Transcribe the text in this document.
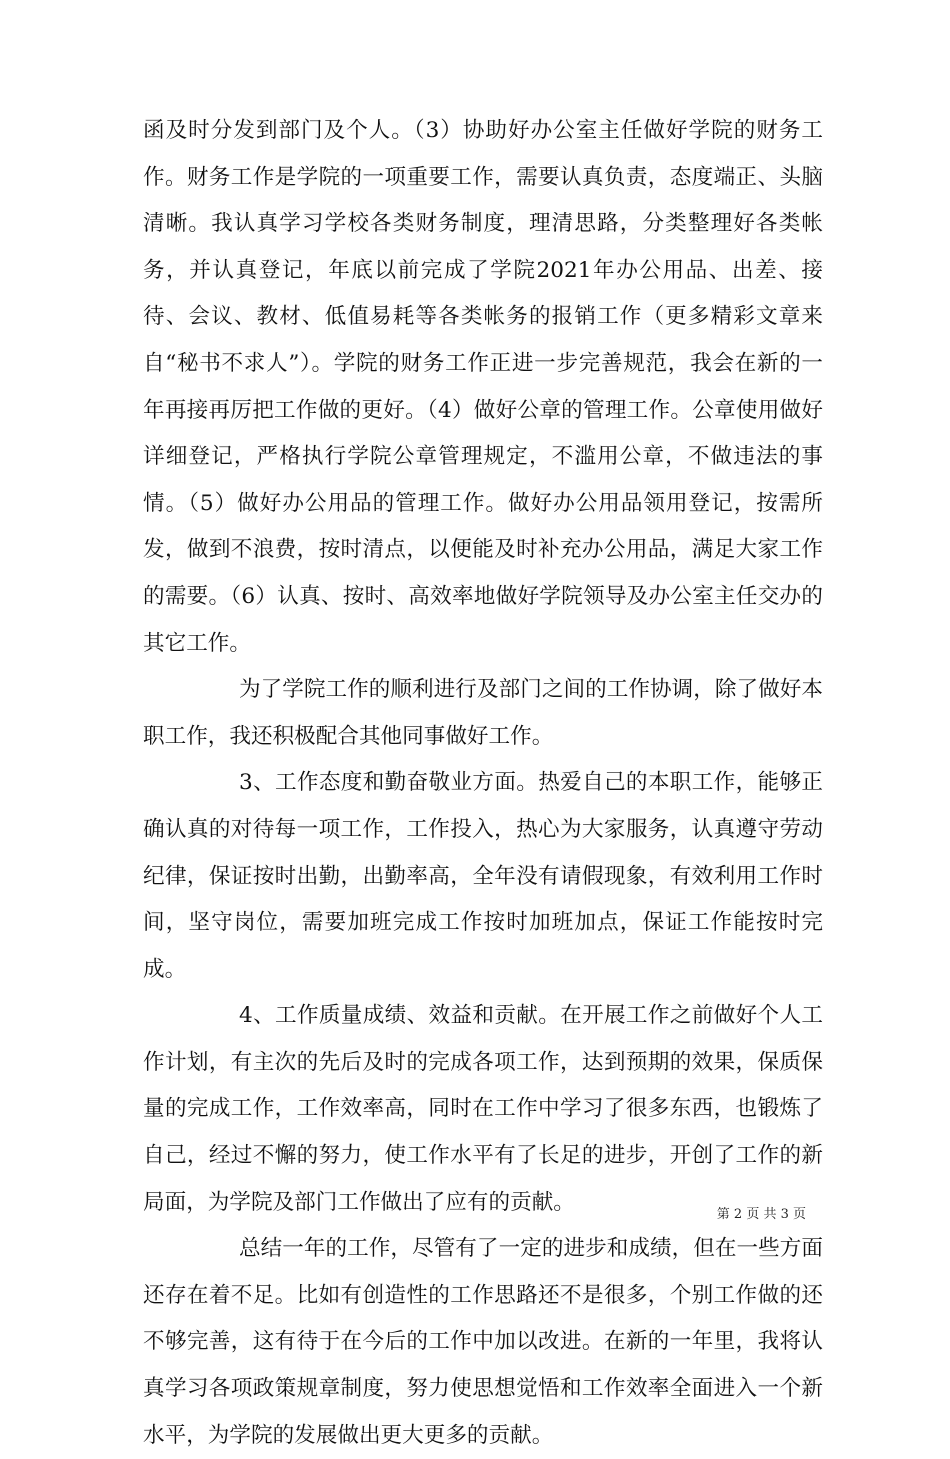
函及时分发到部门及个人。（3）协助好办公室主任做好学院的财务工作。财务工作是学院的一项重要工作，需要认真负责，态度端正、头脑清晰。我认真学习学校各类财务制度，理清思路，分类整理好各类帐务，并认真登记，年底以前完成了学院2021年办公用品、出差、接待、会议、教材、低值易耗等各类帐务的报销工作（更多精彩文章来自“秘书不求人”）。学院的财务工作正进一步完善规范，我会在新的一年再接再厉把工作做的更好。（4）做好公章的管理工作。公章使用做好详细登记，严格执行学院公章管理规定，不滥用公章，不做违法的事情。（5）做好办公用品的管理工作。做好办公用品领用登记，按需所发，做到不浪费，按时清点，以便能及时补充办公用品，满足大家工作的需要。（6）认真、按时、高效率地做好学院领导及办公室主任交办的其它工作。

为了学院工作的顺利进行及部门之间的工作协调，除了做好本职工作，我还积极配合其他同事做好工作。

3、工作态度和勤奋敬业方面。热爱自己的本职工作，能够正确认真的对待每一项工作，工作投入，热心为大家服务，认真遵守劳动纪律，保证按时出勤，出勤率高，全年没有请假现象，有效利用工作时间，坚守岗位，需要加班完成工作按时加班加点，保证工作能按时完成。

4、工作质量成绩、效益和贡献。在开展工作之前做好个人工作计划，有主次的先后及时的完成各项工作，达到预期的效果，保质保量的完成工作，工作效率高，同时在工作中学习了很多东西，也锻炼了自己，经过不懈的努力，使工作水平有了长足的进步，开创了工作的新局面，为学院及部门工作做出了应有的贡献。

总结一年的工作，尽管有了一定的进步和成绩，但在一些方面还存在着不足。比如有创造性的工作思路还不是很多，个别工作做的还不够完善，这有待于在今后的工作中加以改进。在新的一年里，我将认真学习各项政策规章制度，努力使思想觉悟和工作效率全面进入一个新水平，为学院的发展做出更大更多的贡献。

第 2 页 共 3 页
